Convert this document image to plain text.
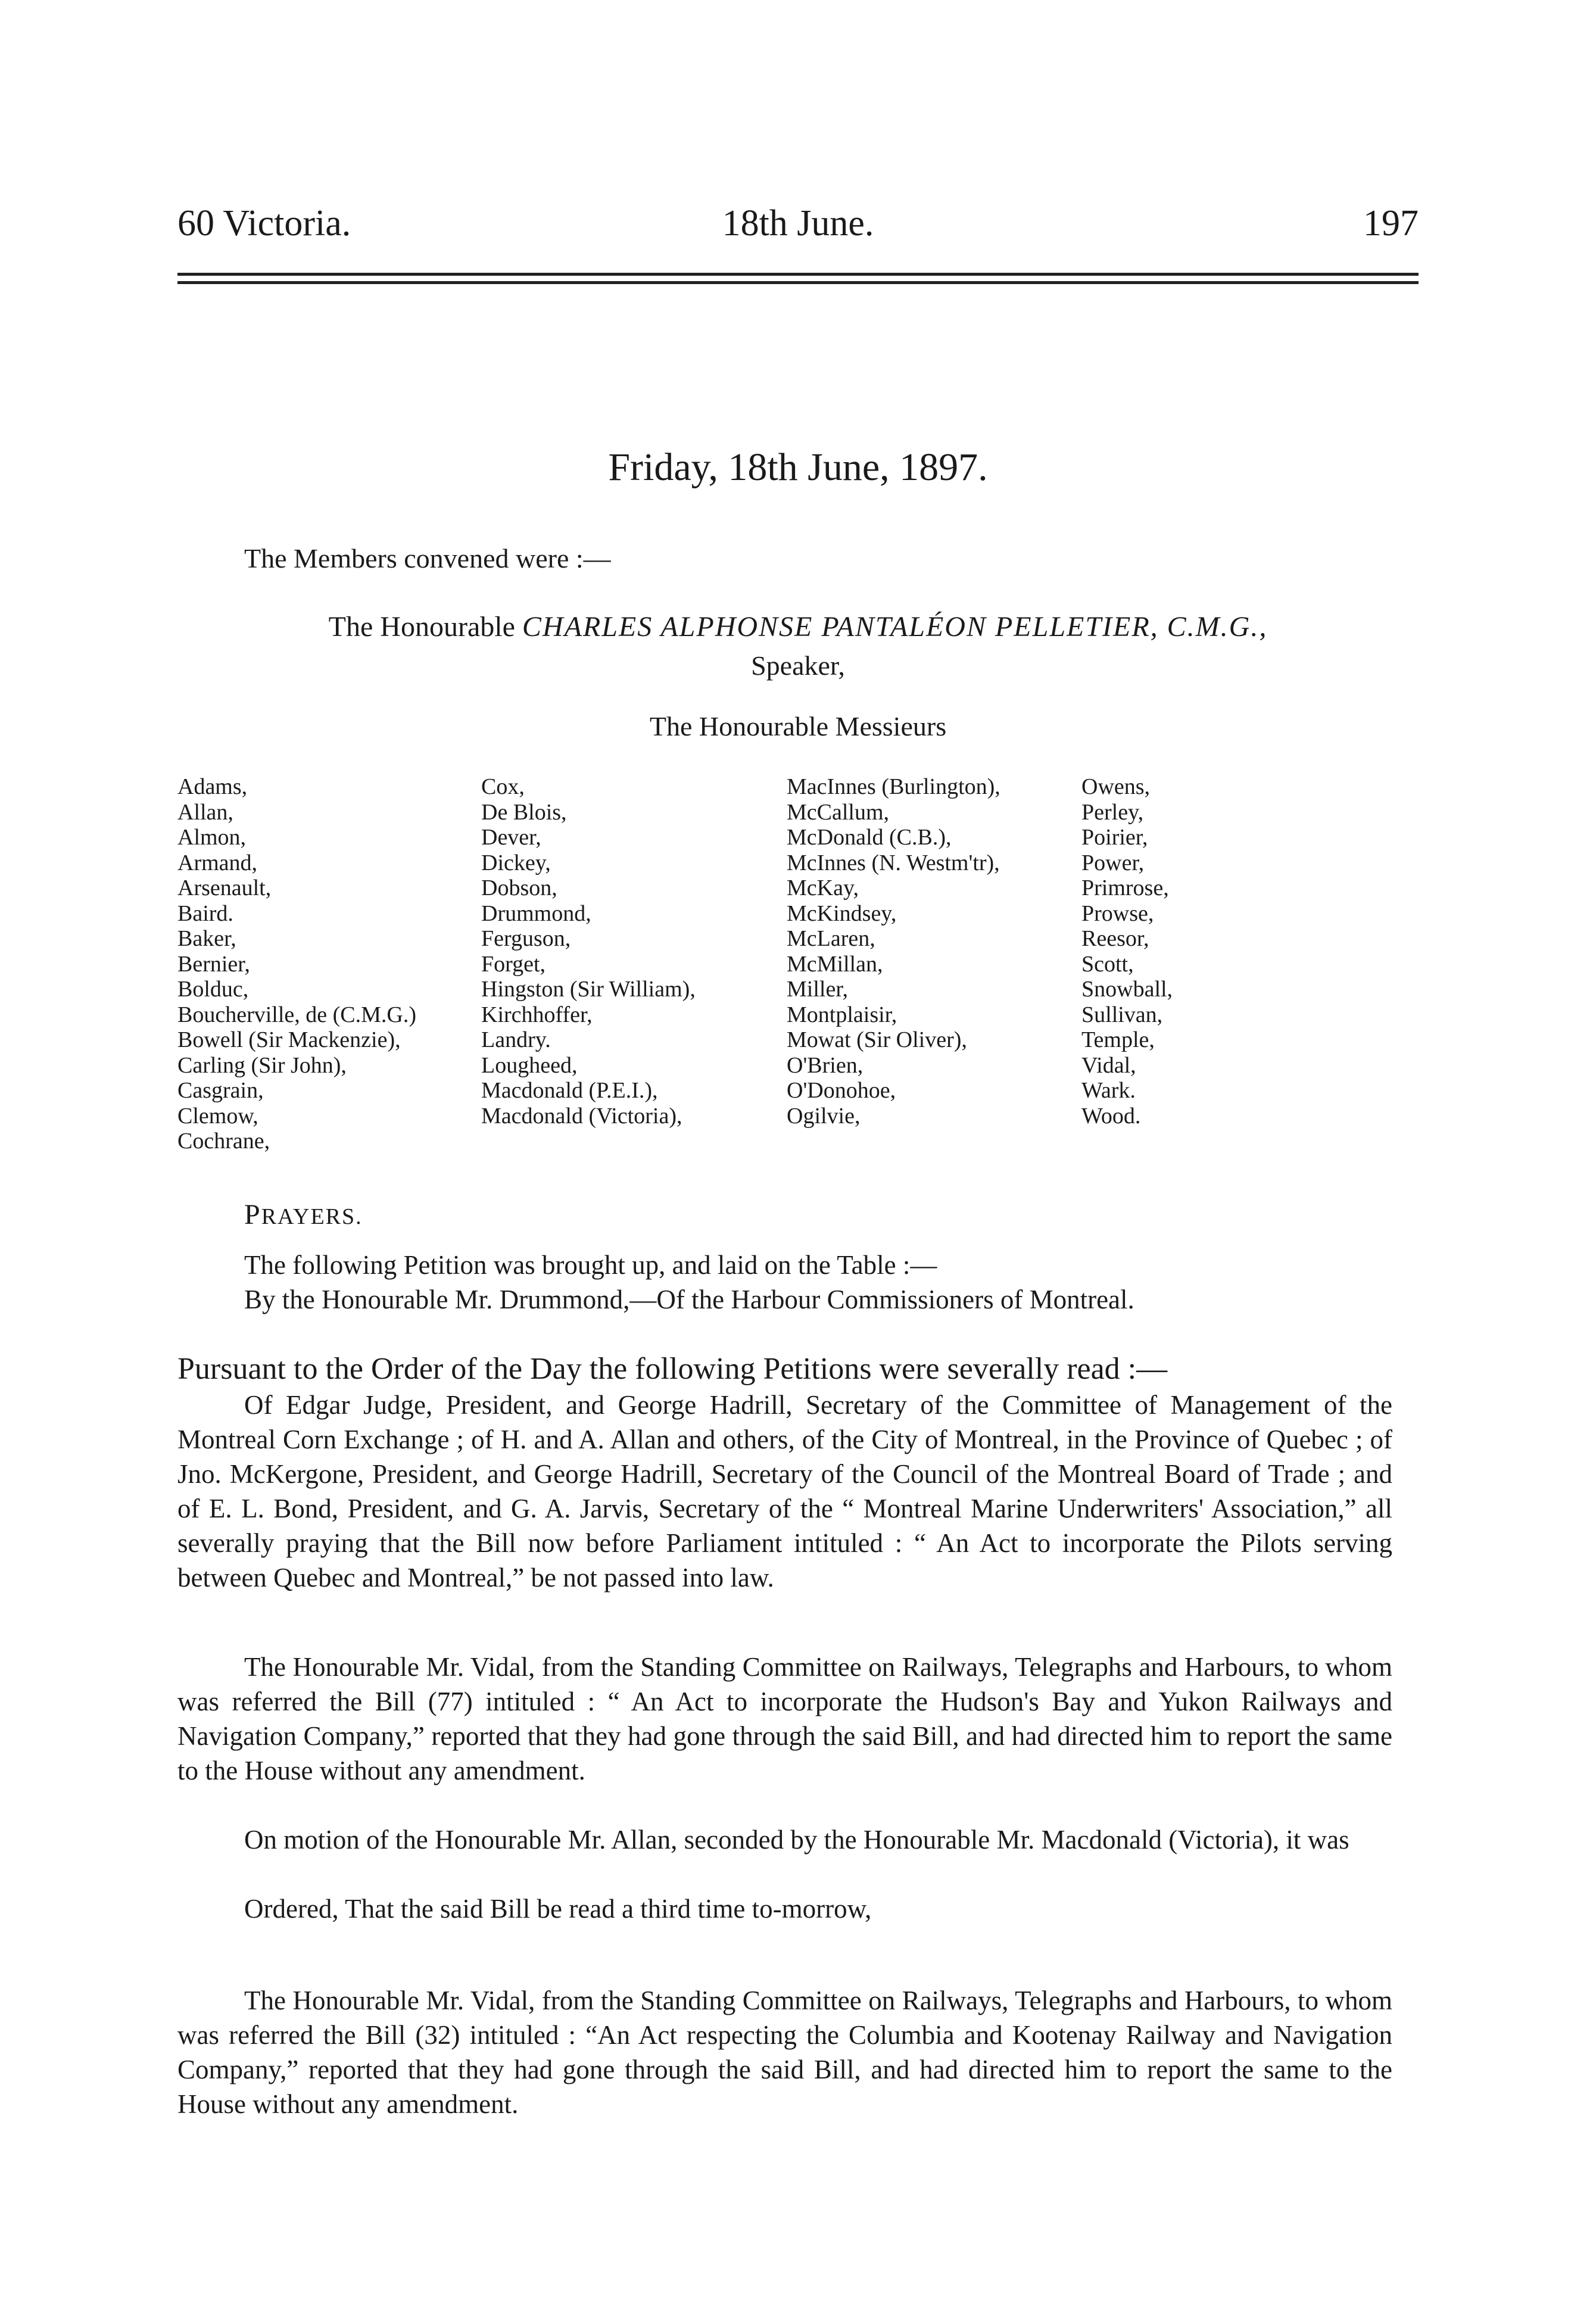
60 Victoria.	18th June.	197
Friday, 18th June, 1897.
The Members convened were :—
The Honourable CHARLES ALPHONSE PANTALÉON PELLETIER, C.M.G.,
Speaker,
The Honourable Messieurs
Adams,
Allan,
Almon,
Armand,
Arsenault,
Baird.
Baker,
Bernier,
Bolduc,
Boucherville, de (C.M.G.)
Bowell (Sir Mackenzie),
Carling (Sir John),
Casgrain,
Clemow,
Cochrane,
Cox,
De Blois,
Dever,
Dickey,
Dobson,
Drummond,
Ferguson,
Forget,
Hingston (Sir William),
Kirchhoffer,
Landry.
Lougheed,
Macdonald (P.E.I.),
Macdonald (Victoria),
MacInnes (Burlington),
McCallum,
McDonald (C.B.),
McInnes (N. Westm'tr),
McKay,
McKindsey,
McLaren,
McMillan,
Miller,
Montplaisir,
Mowat (Sir Oliver),
O'Brien,
O'Donohoe,
Ogilvie,
Owens,
Perley,
Poirier,
Power,
Primrose,
Prowse,
Reesor,
Scott,
Snowball,
Sullivan,
Temple,
Vidal,
Wark.
Wood.
PRAYERS.

The following Petition was brought up, and laid on the Table :—

By the Honourable Mr. Drummond,—Of the Harbour Commissioners of Montreal.

Pursuant to the Order of the Day the following Petitions were severally read :—

Of Edgar Judge, President, and George Hadrill, Secretary of the Committee of Management of the Montreal Corn Exchange ; of H. and A. Allan and others, of the City of Montreal, in the Province of Quebec ; of Jno. McKergone, President, and George Hadrill, Secretary of the Council of the Montreal Board of Trade ; and of E. L. Bond, President, and G. A. Jarvis, Secretary of the “ Montreal Marine Underwriters' Association,” all severally praying that the Bill now before Parliament intituled : “ An Act to incorporate the Pilots serving between Quebec and Montreal,” be not passed into law.

The Honourable Mr. Vidal, from the Standing Committee on Railways, Telegraphs and Harbours, to whom was referred the Bill (77) intituled : “ An Act to incorporate the Hudson's Bay and Yukon Railways and Navigation Company,” reported that they had gone through the said Bill, and had directed him to report the same to the House without any amendment.

On motion of the Honourable Mr. Allan, seconded by the Honourable Mr. Macdonald (Victoria), it was

Ordered, That the said Bill be read a third time to-morrow,

The Honourable Mr. Vidal, from the Standing Committee on Railways, Telegraphs and Harbours, to whom was referred the Bill (32) intituled : “An Act respecting the Columbia and Kootenay Railway and Navigation Company,” reported that they had gone through the said Bill, and had directed him to report the same to the House without any amendment.
